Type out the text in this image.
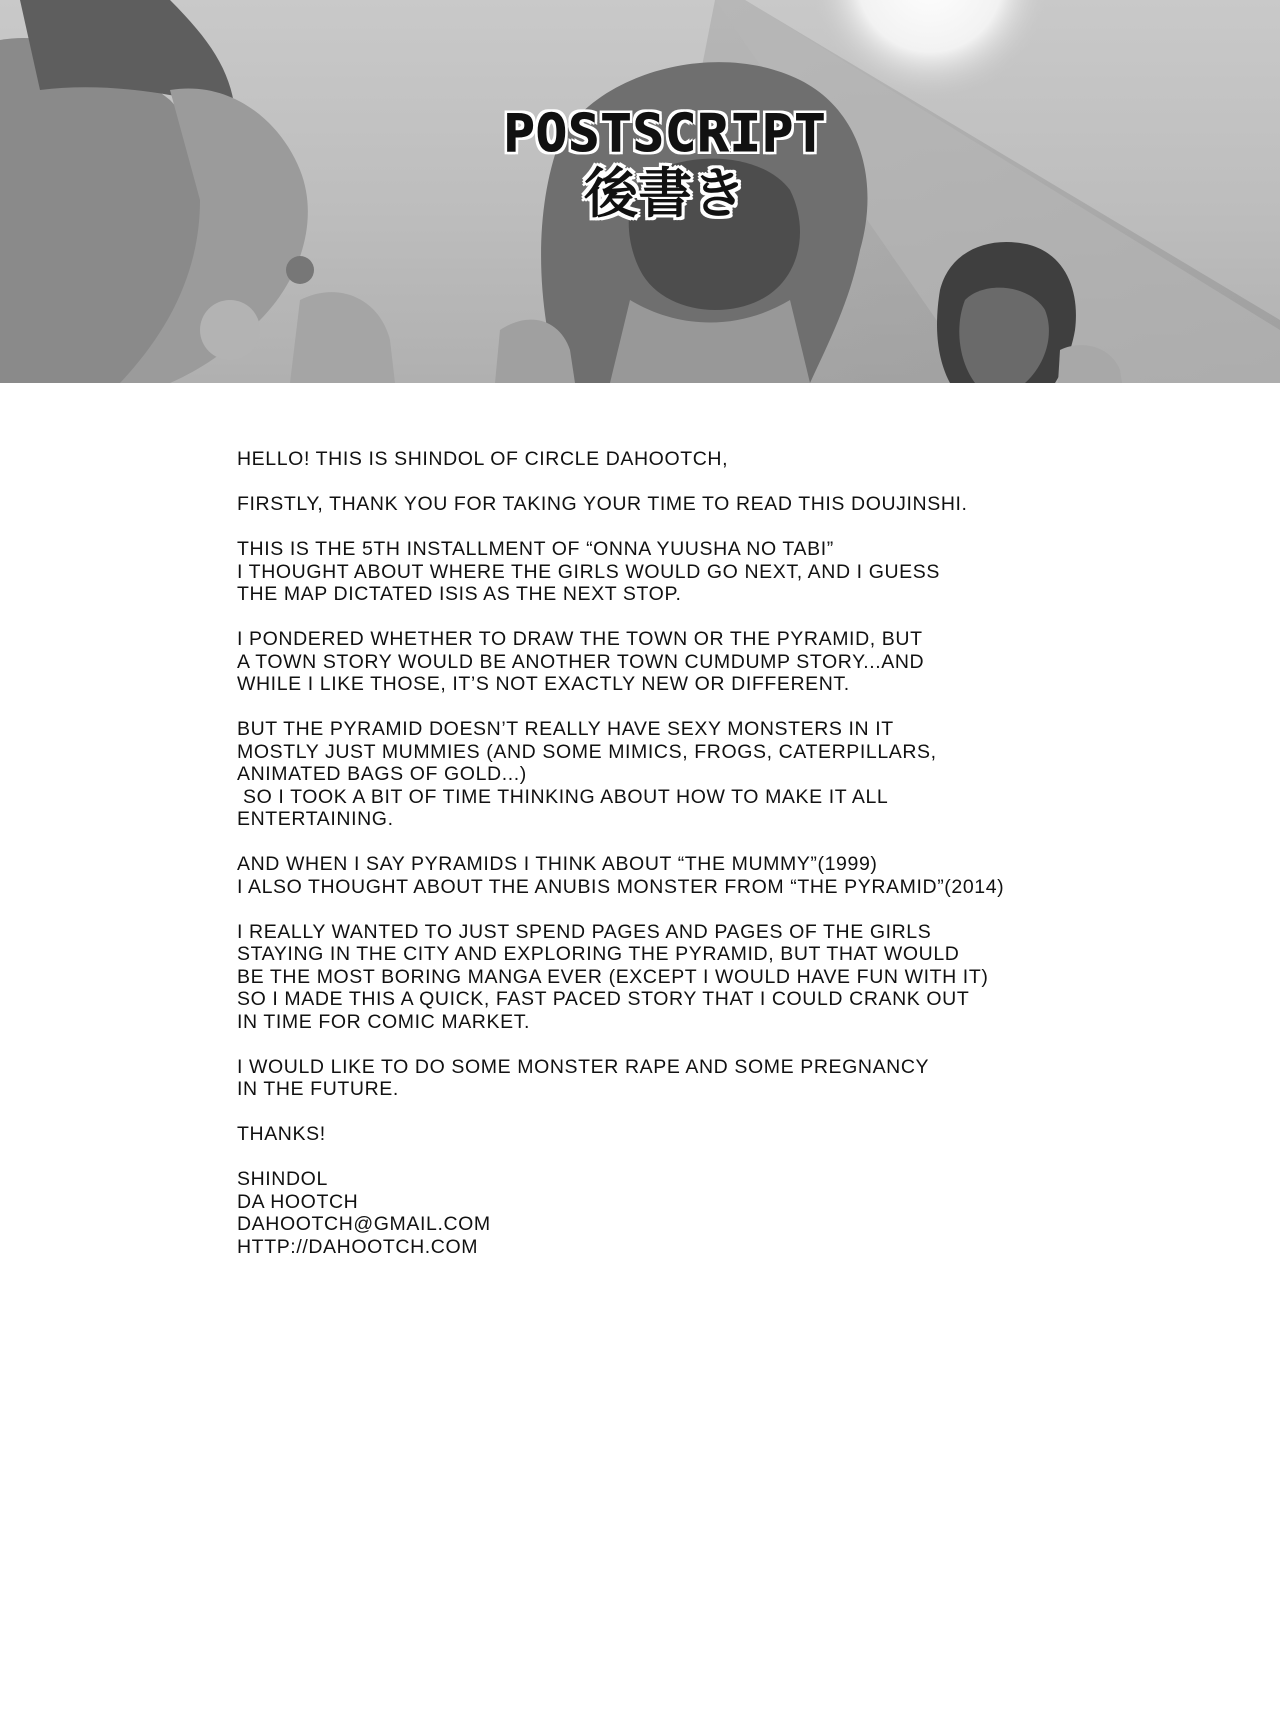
POSTSCRIPT
後書き
HELLO! THIS IS SHINDOL OF CIRCLE DAHOOTCH,
FIRSTLY, THANK YOU FOR TAKING YOUR TIME TO READ THIS DOUJINSHI.
THIS IS THE 5TH INSTALLMENT OF “ONNA YUUSHA NO TABI”
I THOUGHT ABOUT WHERE THE GIRLS WOULD GO NEXT, AND I GUESS
THE MAP DICTATED ISIS AS THE NEXT STOP.
I PONDERED WHETHER TO DRAW THE TOWN OR THE PYRAMID, BUT
A TOWN STORY WOULD BE ANOTHER TOWN CUMDUMP STORY...AND
WHILE I LIKE THOSE, IT’S NOT EXACTLY NEW OR DIFFERENT.
BUT THE PYRAMID DOESN’T REALLY HAVE SEXY MONSTERS IN IT
MOSTLY JUST MUMMIES (AND SOME MIMICS, FROGS, CATERPILLARS,
ANIMATED BAGS OF GOLD...)
SO I TOOK A BIT OF TIME THINKING ABOUT HOW TO MAKE IT ALL
ENTERTAINING.
AND WHEN I SAY PYRAMIDS I THINK ABOUT “THE MUMMY”(1999)
I ALSO THOUGHT ABOUT THE ANUBIS MONSTER FROM “THE PYRAMID”(2014)
I REALLY WANTED TO JUST SPEND PAGES AND PAGES OF THE GIRLS
STAYING IN THE CITY AND EXPLORING THE PYRAMID, BUT THAT WOULD
BE THE MOST BORING MANGA EVER (EXCEPT I WOULD HAVE FUN WITH IT)
SO I MADE THIS A QUICK, FAST PACED STORY THAT I COULD CRANK OUT
IN TIME FOR COMIC MARKET.
I WOULD LIKE TO DO SOME MONSTER RAPE AND SOME PREGNANCY
IN THE FUTURE.
THANKS!
SHINDOL
DA HOOTCH
DAHOOTCH@GMAIL.COM
HTTP://DAHOOTCH.COM
